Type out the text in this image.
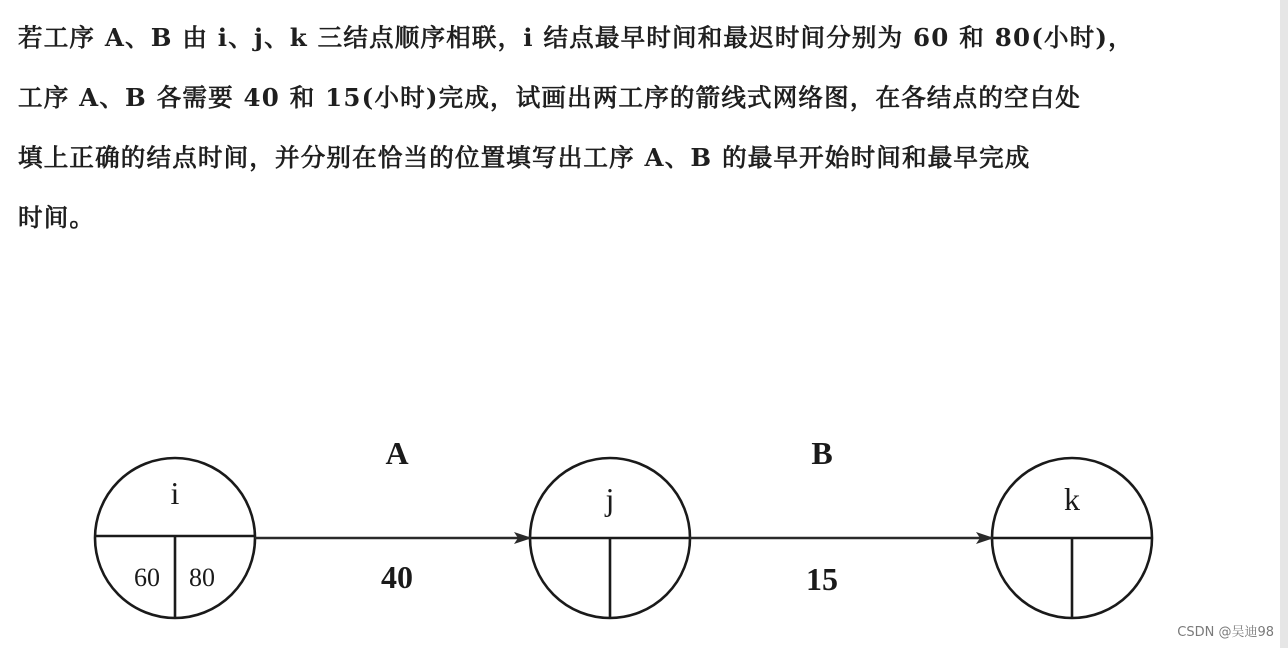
若工序 A、B 由 i、j、k 三结点顺序相联，i 结点最早时间和最迟时间分别为 60 和 80(小时)，
工序 A、B 各需要 40 和 15(小时)完成，试画出两工序的箭线式网络图，在各结点的空白处
填上正确的结点时间，并分别在恰当的位置填写出工序 A、B 的最早开始时间和最早完成
时间。
i
60 80
j	k
A
40
B
15
CSDN @吴迪98
